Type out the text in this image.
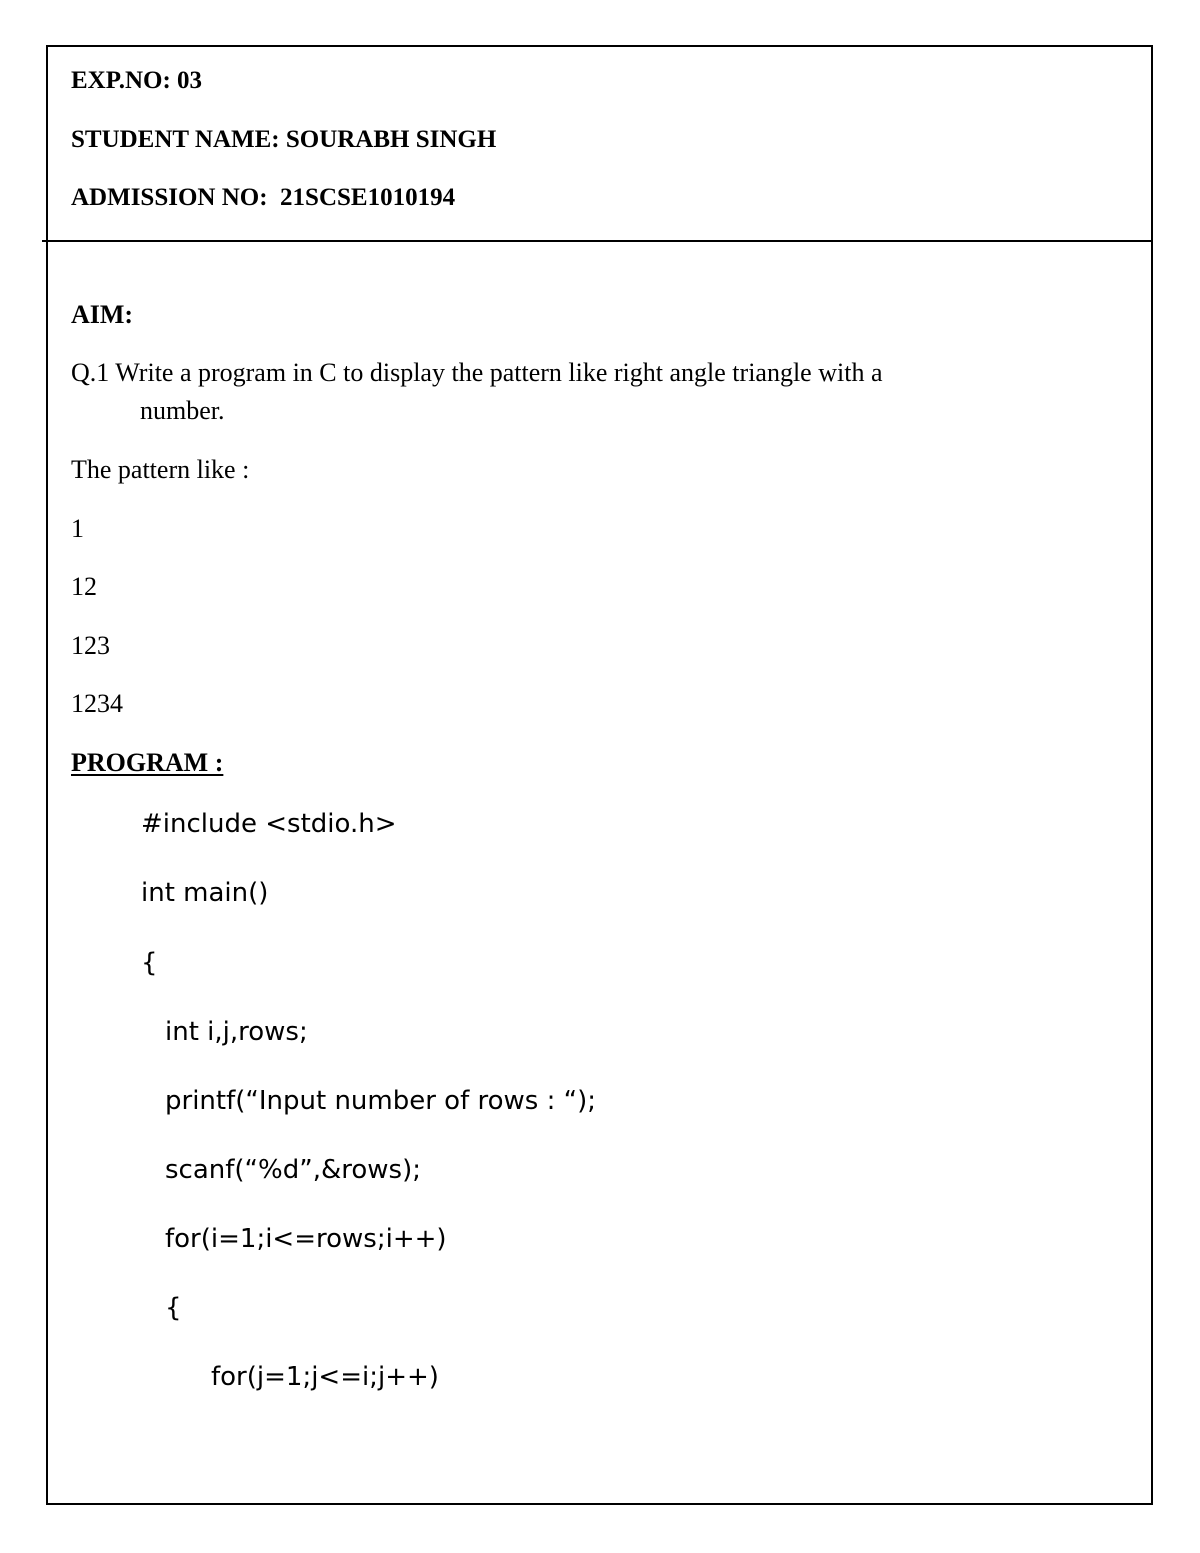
EXP.NO: 03
STUDENT NAME: SOURABH SINGH
ADMISSION NO:  21SCSE1010194
AIM:
Q.1 Write a program in C to display the pattern like right angle triangle with a
number.
The pattern like :
1
12
123
1234
PROGRAM :
#include <stdio.h>
int main()
{
int i,j,rows;
printf(“Input number of rows : “);
scanf(“%d”,&rows);
for(i=1;i<=rows;i++)
{
for(j=1;j<=i;j++)
